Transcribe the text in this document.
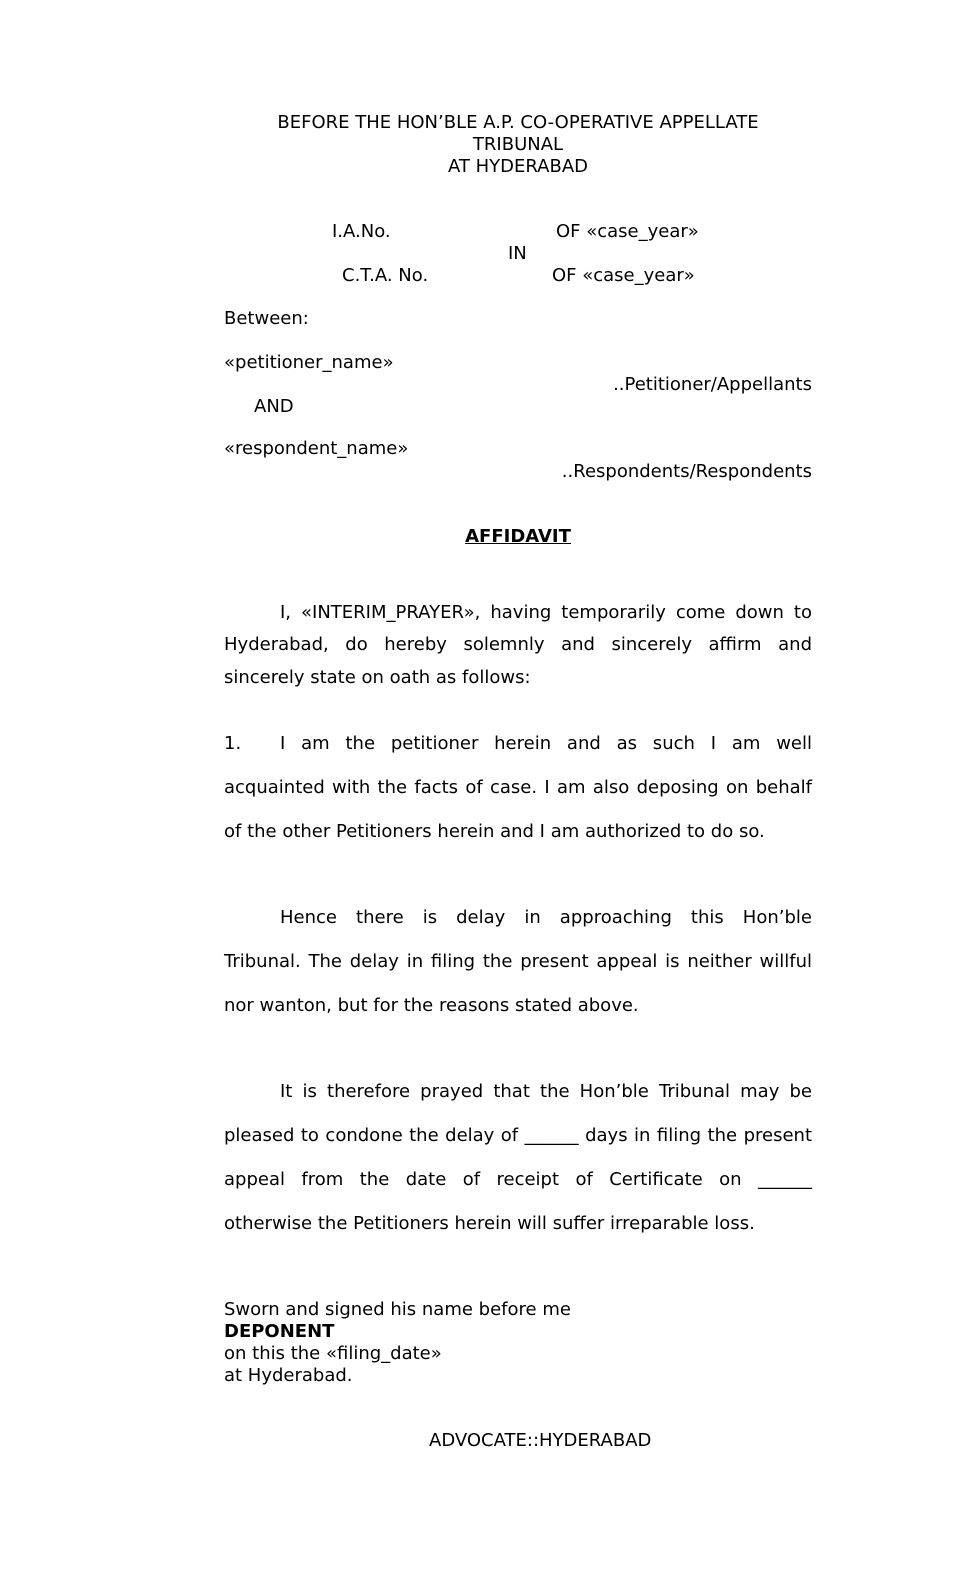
BEFORE THE HON’BLE A.P. CO-OPERATIVE APPELLATE
TRIBUNAL
AT HYDERABAD
I.A.No.	OF «case_year»
IN
C.T.A. No.	OF «case_year»
Between:
«petitioner_name»
..Petitioner/Appellants
AND
«respondent_name»
..Respondents/Respondents
AFFIDAVIT
I, «INTERIM_PRAYER», having temporarily come down to
Hyderabad, do hereby solemnly and sincerely affirm and
sincerely state on oath as follows:
1. I am the petitioner herein and as such I am well
acquainted with the facts of case. I am also deposing on behalf
of the other Petitioners herein and I am authorized to do so.
Hence there is delay in approaching this Hon’ble
Tribunal. The delay in filing the present appeal is neither willful
nor wanton, but for the reasons stated above.
It is therefore prayed that the Hon’ble Tribunal may be
pleased to condone the delay of ______ days in filing the present
appeal from the date of receipt of Certificate on ______
otherwise the Petitioners herein will suffer irreparable loss.
Sworn and signed his name before me
DEPONENT
on this the «filing_date»
at Hyderabad.
ADVOCATE::HYDERABAD
